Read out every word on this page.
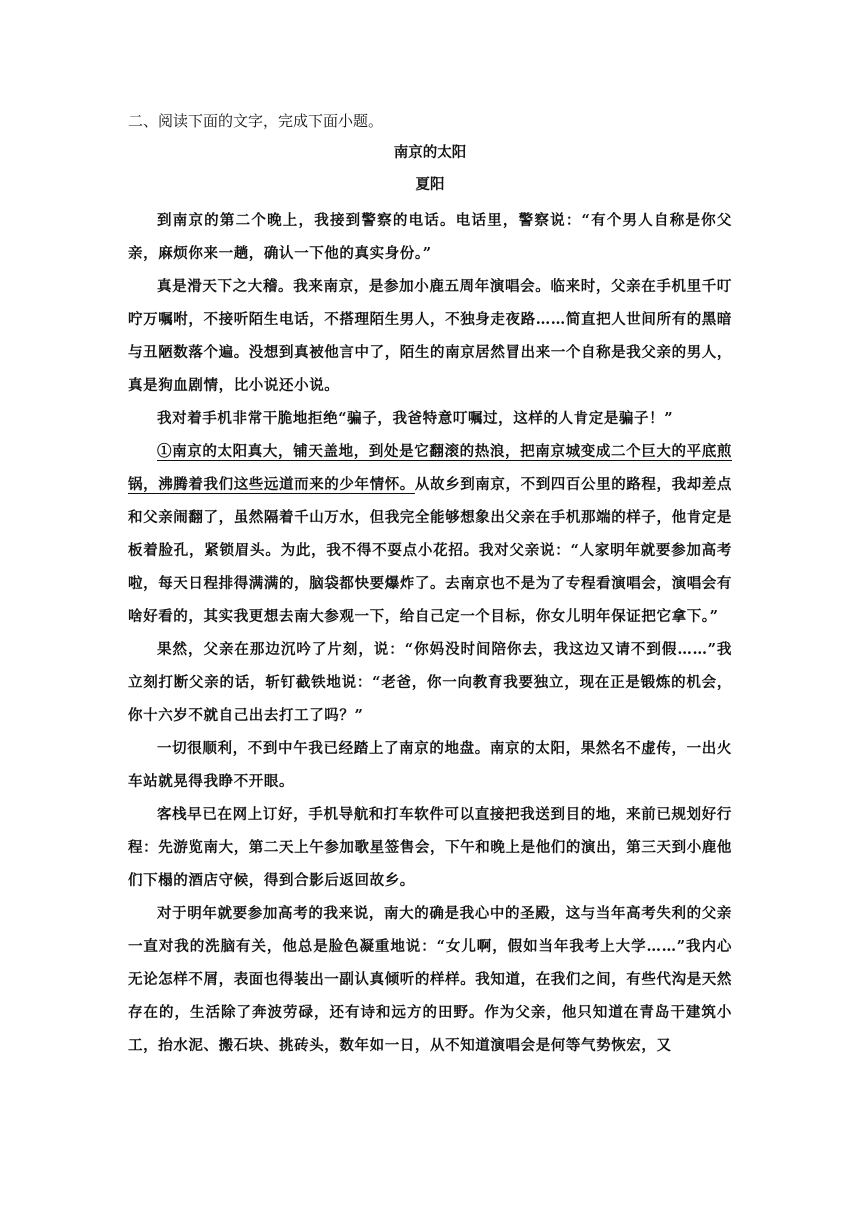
二、阅读下面的文字，完成下面小题。

南京的太阳

夏阳

到南京的第二个晚上，我接到警察的电话。电话里，警察说：“有个男人自称是你父亲，麻烦你来一趟，确认一下他的真实身份。”

真是滑天下之大稽。我来南京，是参加小鹿五周年演唱会。临来时，父亲在手机里千叮咛万嘱咐，不接听陌生电话，不搭理陌生男人，不独身走夜路……简直把人世间所有的黑暗与丑陋数落个遍。没想到真被他言中了，陌生的南京居然冒出来一个自称是我父亲的男人，真是狗血剧情，比小说还小说。

我对着手机非常干脆地拒绝“骗子，我爸特意叮嘱过，这样的人肯定是骗子！”

①南京的太阳真大，铺天盖地，到处是它翻滚的热浪，把南京城变成二个巨大的平底煎锅，沸腾着我们这些远道而来的少年情怀。从故乡到南京，不到四百公里的路程，我却差点和父亲闹翻了，虽然隔着千山万水，但我完全能够想象出父亲在手机那端的样子，他肯定是板着脸孔，紧锁眉头。为此，我不得不耍点小花招。我对父亲说：“人家明年就要参加高考啦，每天日程排得满满的，脑袋都快要爆炸了。去南京也不是为了专程看演唱会，演唱会有啥好看的，其实我更想去南大参观一下，给自己定一个目标，你女儿明年保证把它拿下。”

果然，父亲在那边沉吟了片刻，说：“你妈没时间陪你去，我这边又请不到假……”我立刻打断父亲的话，斩钉截铁地说：“老爸，你一向教育我要独立，现在正是锻炼的机会，你十六岁不就自己出去打工了吗？”

一切很顺利，不到中午我已经踏上了南京的地盘。南京的太阳，果然名不虚传，一出火车站就晃得我睁不开眼。

客栈早已在网上订好，手机导航和打车软件可以直接把我送到目的地，来前已规划好行程：先游览南大，第二天上午参加歌星签售会，下午和晚上是他们的演出，第三天到小鹿他们下榻的酒店守候，得到合影后返回故乡。

对于明年就要参加高考的我来说，南大的确是我心中的圣殿，这与当年高考失利的父亲一直对我的洗脑有关，他总是脸色凝重地说：“女儿啊，假如当年我考上大学……”我内心无论怎样不屑，表面也得装出一副认真倾听的样样。我知道，在我们之间，有些代沟是天然存在的，生活除了奔波劳碌，还有诗和远方的田野。作为父亲，他只知道在青岛干建筑小工，抬水泥、搬石块、挑砖头，数年如一日，从不知道演唱会是何等气势恢宏，又
